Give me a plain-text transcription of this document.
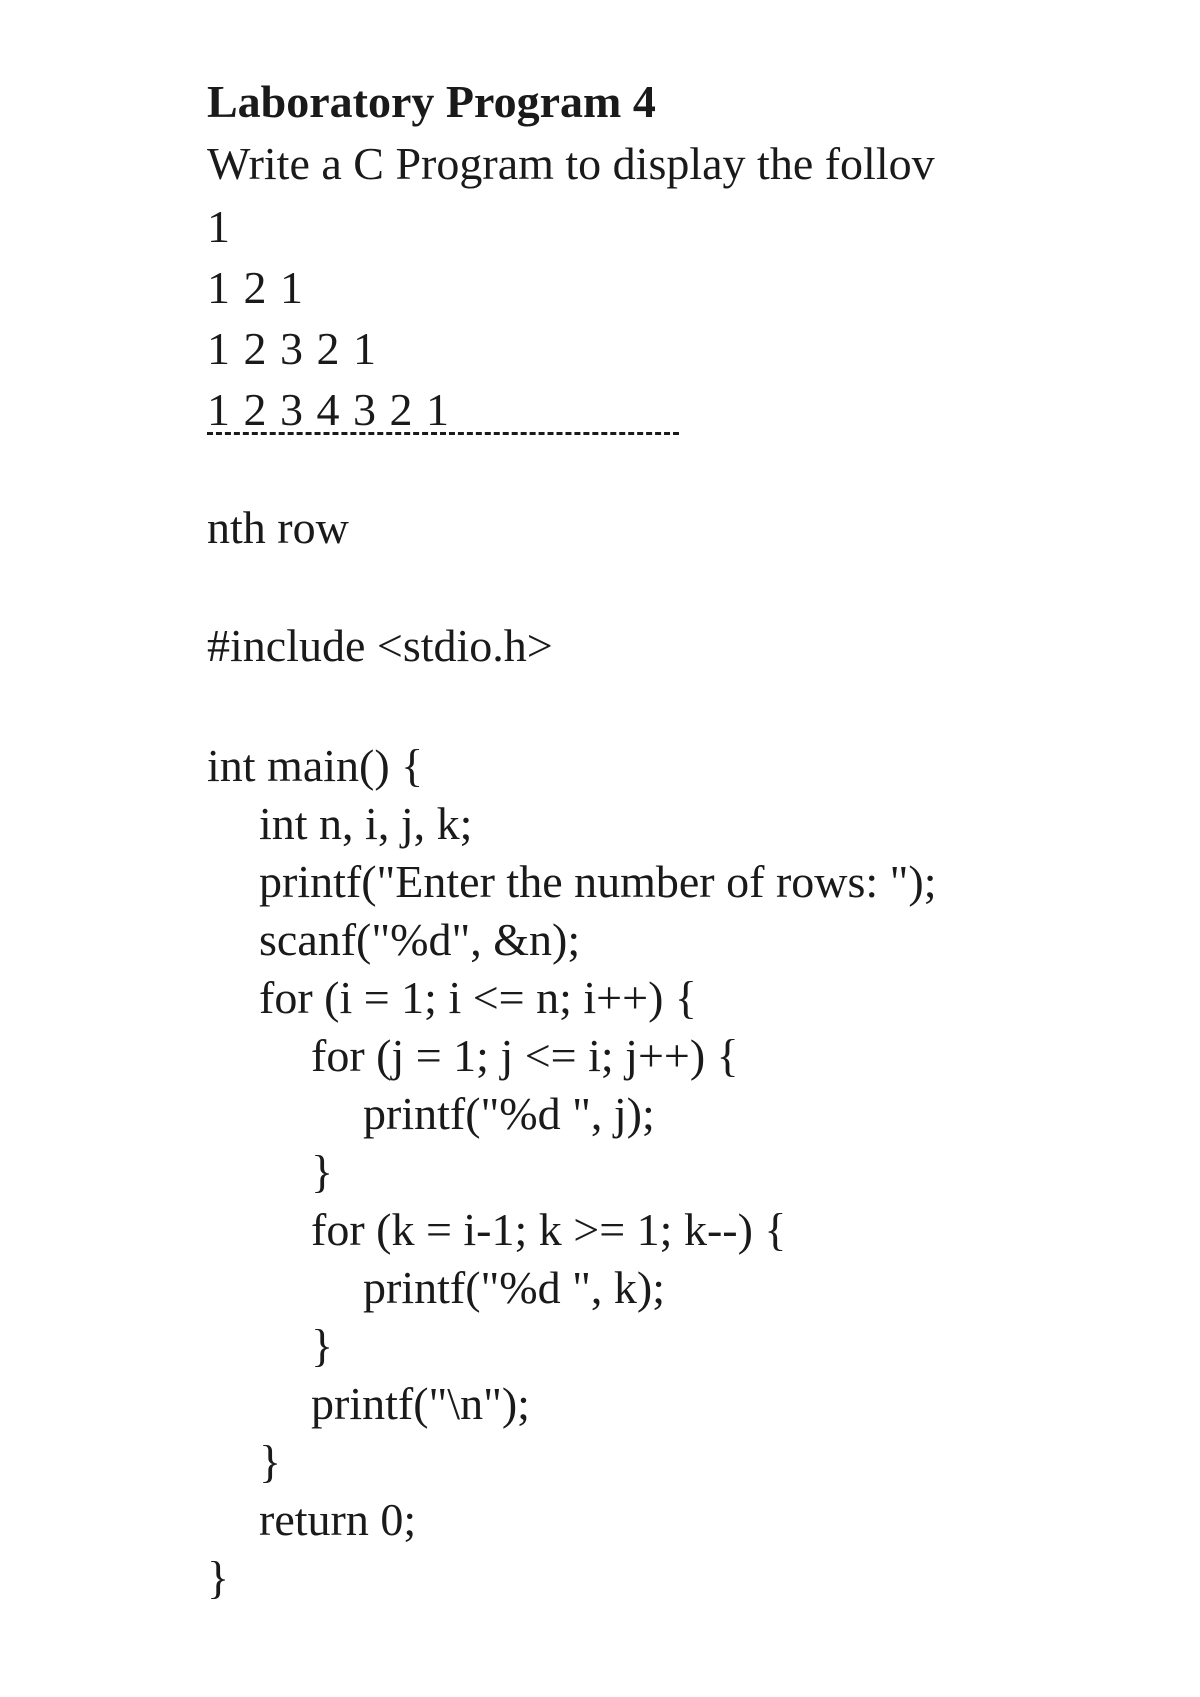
Laboratory Program 4
Write a C Program to display the follov
1
1 2 1
1 2 3 2 1
1 2 3 4 3 2 1
nth row
#include <stdio.h>
int main() {
int n, i, j, k;
printf("Enter the number of rows: ");
scanf("%d", &n);
for (i = 1; i <= n; i++) {
for (j = 1; j <= i; j++) {
printf("%d ", j);
}
for (k = i-1; k >= 1; k--) {
printf("%d ", k);
}
printf("\n");
}
return 0;
}
